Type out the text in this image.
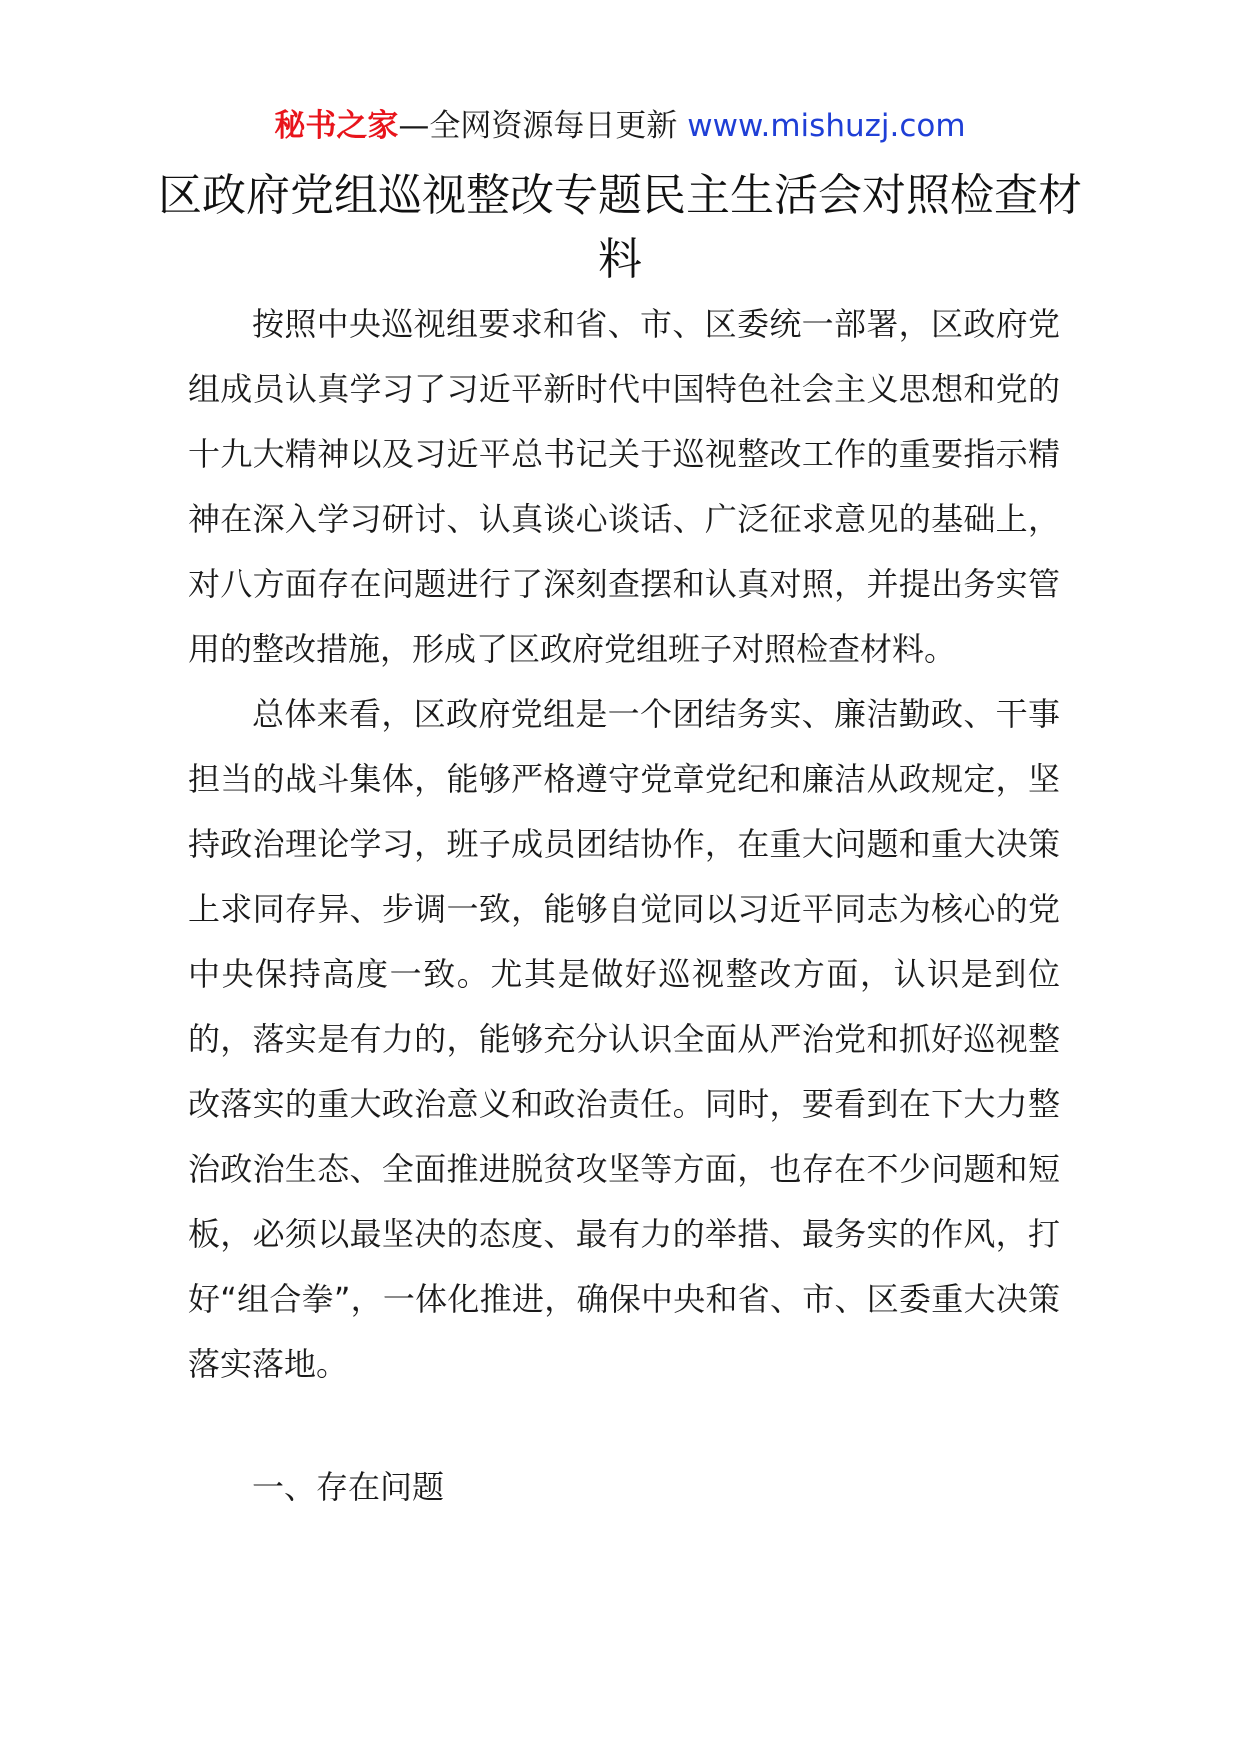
秘书之家—全网资源每日更新 www.mishuzj.com
区政府党组巡视整改专题民主生活会对照检查材料

按照中央巡视组要求和省、市、区委统一部署，区政府党组成员认真学习了习近平新时代中国特色社会主义思想和党的十九大精神以及习近平总书记关于巡视整改工作的重要指示精神在深入学习研讨、认真谈心谈话、广泛征求意见的基础上，对八方面存在问题进行了深刻查摆和认真对照，并提出务实管用的整改措施，形成了区政府党组班子对照检查材料。

总体来看，区政府党组是一个团结务实、廉洁勤政、干事担当的战斗集体，能够严格遵守党章党纪和廉洁从政规定，坚持政治理论学习，班子成员团结协作，在重大问题和重大决策上求同存异、步调一致，能够自觉同以习近平同志为核心的党中央保持高度一致。尤其是做好巡视整改方面，认识是到位的，落实是有力的，能够充分认识全面从严治党和抓好巡视整改落实的重大政治意义和政治责任。同时，要看到在下大力整治政治生态、全面推进脱贫攻坚等方面，也存在不少问题和短板，必须以最坚决的态度、最有力的举措、最务实的作风，打好“组合拳”，一体化推进，确保中央和省、市、区委重大决策落实落地。

一、存在问题
